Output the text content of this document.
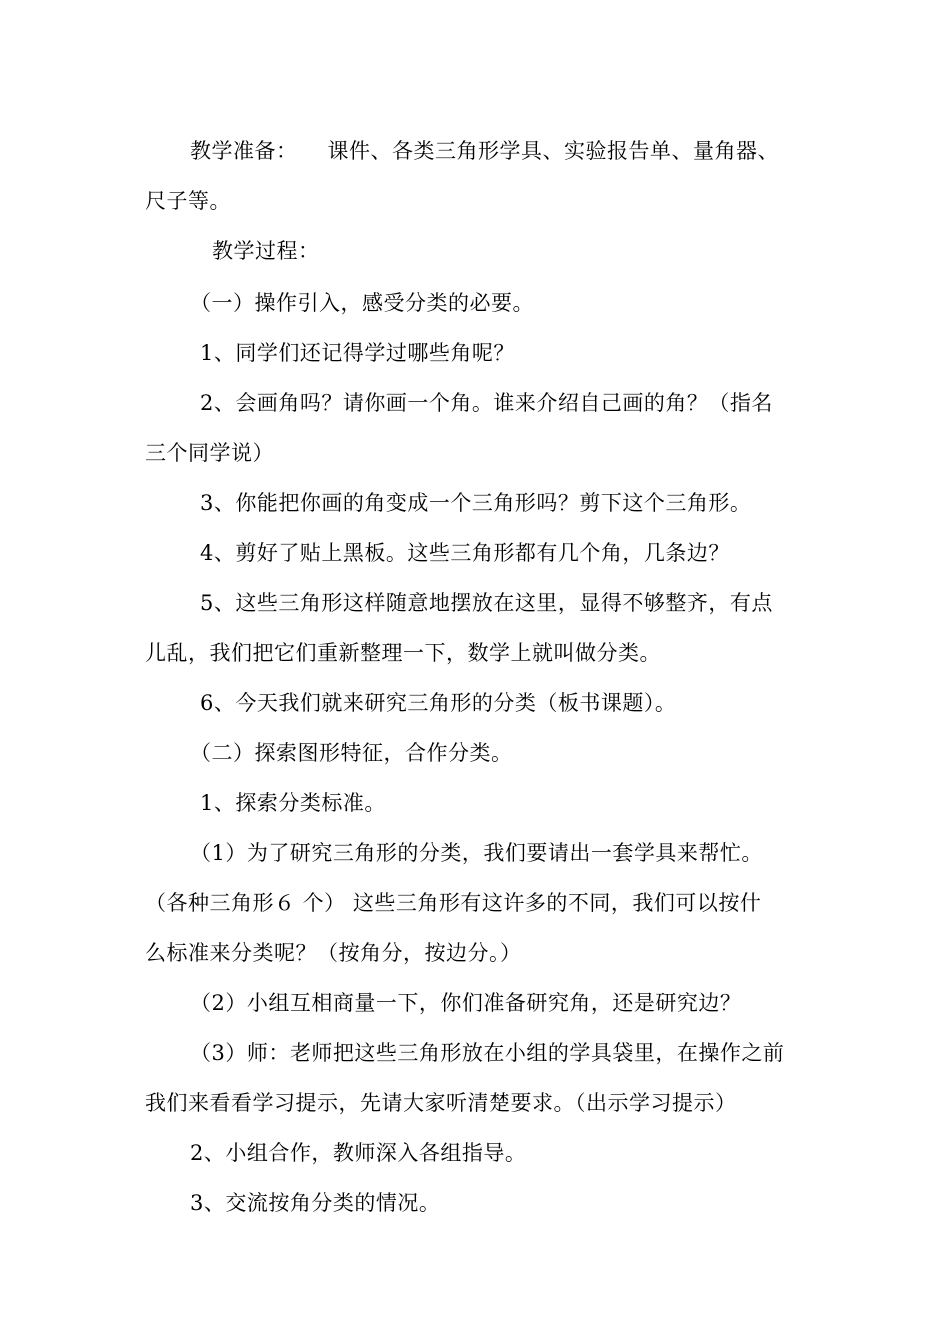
教学准备： 课件、各类三角形学具、实验报告单、量角器、
尺子等。
教学过程：
（一）操作引入，感受分类的必要。
1、同学们还记得学过哪些角呢？
2、会画角吗？请你画一个角。谁来介绍自己画的角？（指名
三个同学说）
3、你能把你画的角变成一个三角形吗？剪下这个三角形。
4、剪好了贴上黑板。这些三角形都有几个角，几条边？
5、这些三角形这样随意地摆放在这里，显得不够整齐，有点
儿乱，我们把它们重新整理一下，数学上就叫做分类。
6、今天我们就来研究三角形的分类（板书课题）。
（二）探索图形特征，合作分类。
1、探索分类标准。
（1）为了研究三角形的分类，我们要请出一套学具来帮忙。
（各种三角形６ 个） 这些三角形有这许多的不同，我们可以按什
么标准来分类呢？（按角分，按边分。）
（2）小组互相商量一下，你们准备研究角，还是研究边？
（3）师：老师把这些三角形放在小组的学具袋里，在操作之前
我们来看看学习提示，先请大家听清楚要求。（出示学习提示）
2、小组合作，教师深入各组指导。
3、交流按角分类的情况。
